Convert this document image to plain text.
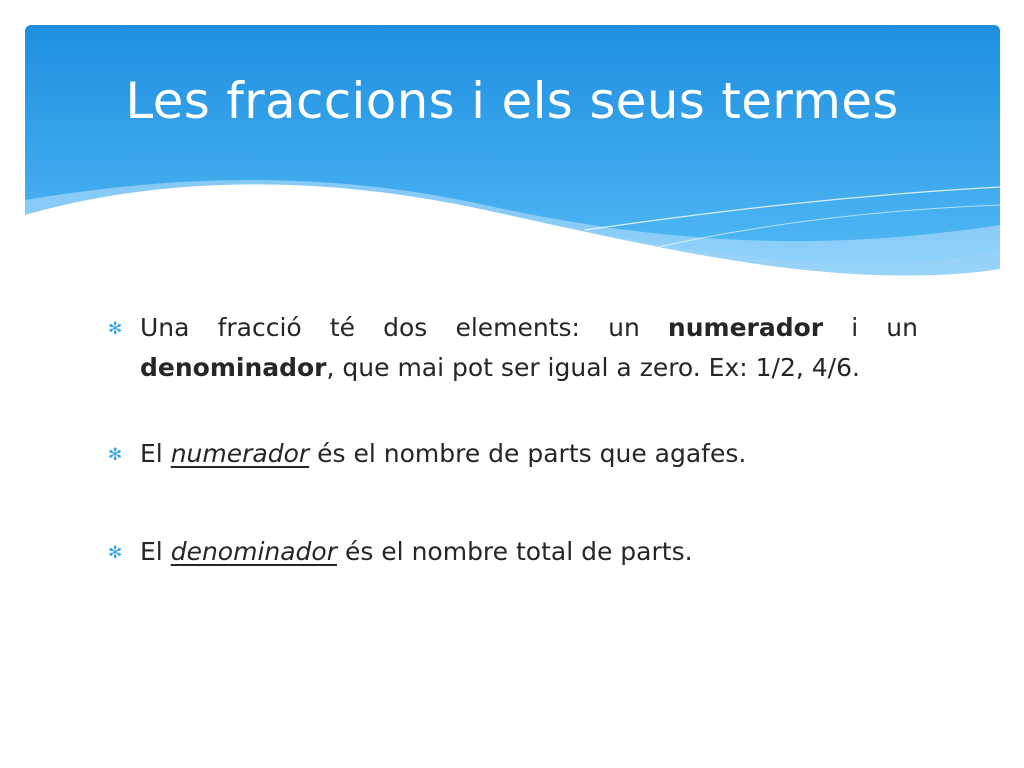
Les fraccions i els seus termes
✻ Una fracció té dos elements: un numerador i un denominador, que mai pot ser igual a zero. Ex: 1/2, 4/6.
✻ El numerador és el nombre de parts que agafes.
✻ El denominador és el nombre total de parts.
